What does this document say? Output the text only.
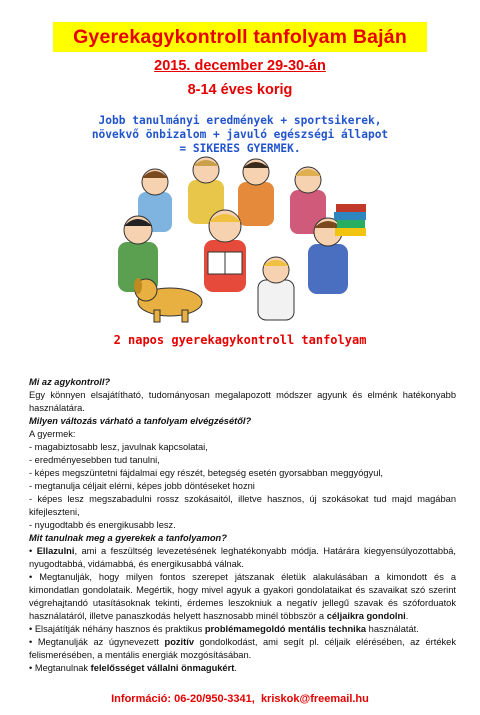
Gyerekagykontroll tanfolyam Baján
2015. december 29-30-án
8-14 éves korig
Jobb tanulmányi eredmények + sportsikerek,
növekvő önbizalom + javuló egészségi állapot
= SIKERES GYERMEK.
2 napos gyerekagykontroll tanfolyam

Mi az agykontroll?

Egy könnyen elsajátítható, tudományosan megalapozott módszer agyunk és elménk hatékonyabb használatára.

Milyen változás várható a tanfolyam elvégzésétől?

A gyermek:

- magabiztosabb lesz, javulnak kapcsolatai,

- eredményesebben tud tanulni,

- képes megszüntetni fájdalmai egy részét, betegség esetén gyorsabban meggyógyul,

- megtanulja céljait elérni, képes jobb döntéseket hozni

- képes lesz megszabadulni rossz szokásaitól, illetve hasznos, új szokásokat tud majd magában kifejleszteni,

- nyugodtabb és energikusabb lesz.

Mit tanulnak meg a gyerekek a tanfolyamon?

• Ellazulni, ami a feszültség levezetésének leghatékonyabb módja. Határára kiegyensúlyozottabbá, nyugodtabbá, vidámabbá, és energikusabbá válnak.

• Megtanulják, hogy milyen fontos szerepet játszanak életük alakulásában a kimondott és a kimondatlan gondolataik. Megértik, hogy mivel agyuk a gyakori gondolataikat és szavaikat szó szerint végrehajtandó utasításoknak tekinti, érdemes leszokniuk a negatív jellegű szavak és szóforduatok használatáról, illetve panaszkodás helyett hasznosabb minél többször a céljaikra gondolni.

• Elsajátítják néhány hasznos és praktikus problémamegoldó mentális technika használatát.

• Megtanulják az úgynevezett pozitív gondolkodást, ami segít pl. céljaik elérésében, az értékek felismerésében, a mentális energiák mozgósításában.

• Megtanulnak felelősséget vállalni önmagukért.

Információ: 06-20/950-3341, kriskok@freemail.hu
